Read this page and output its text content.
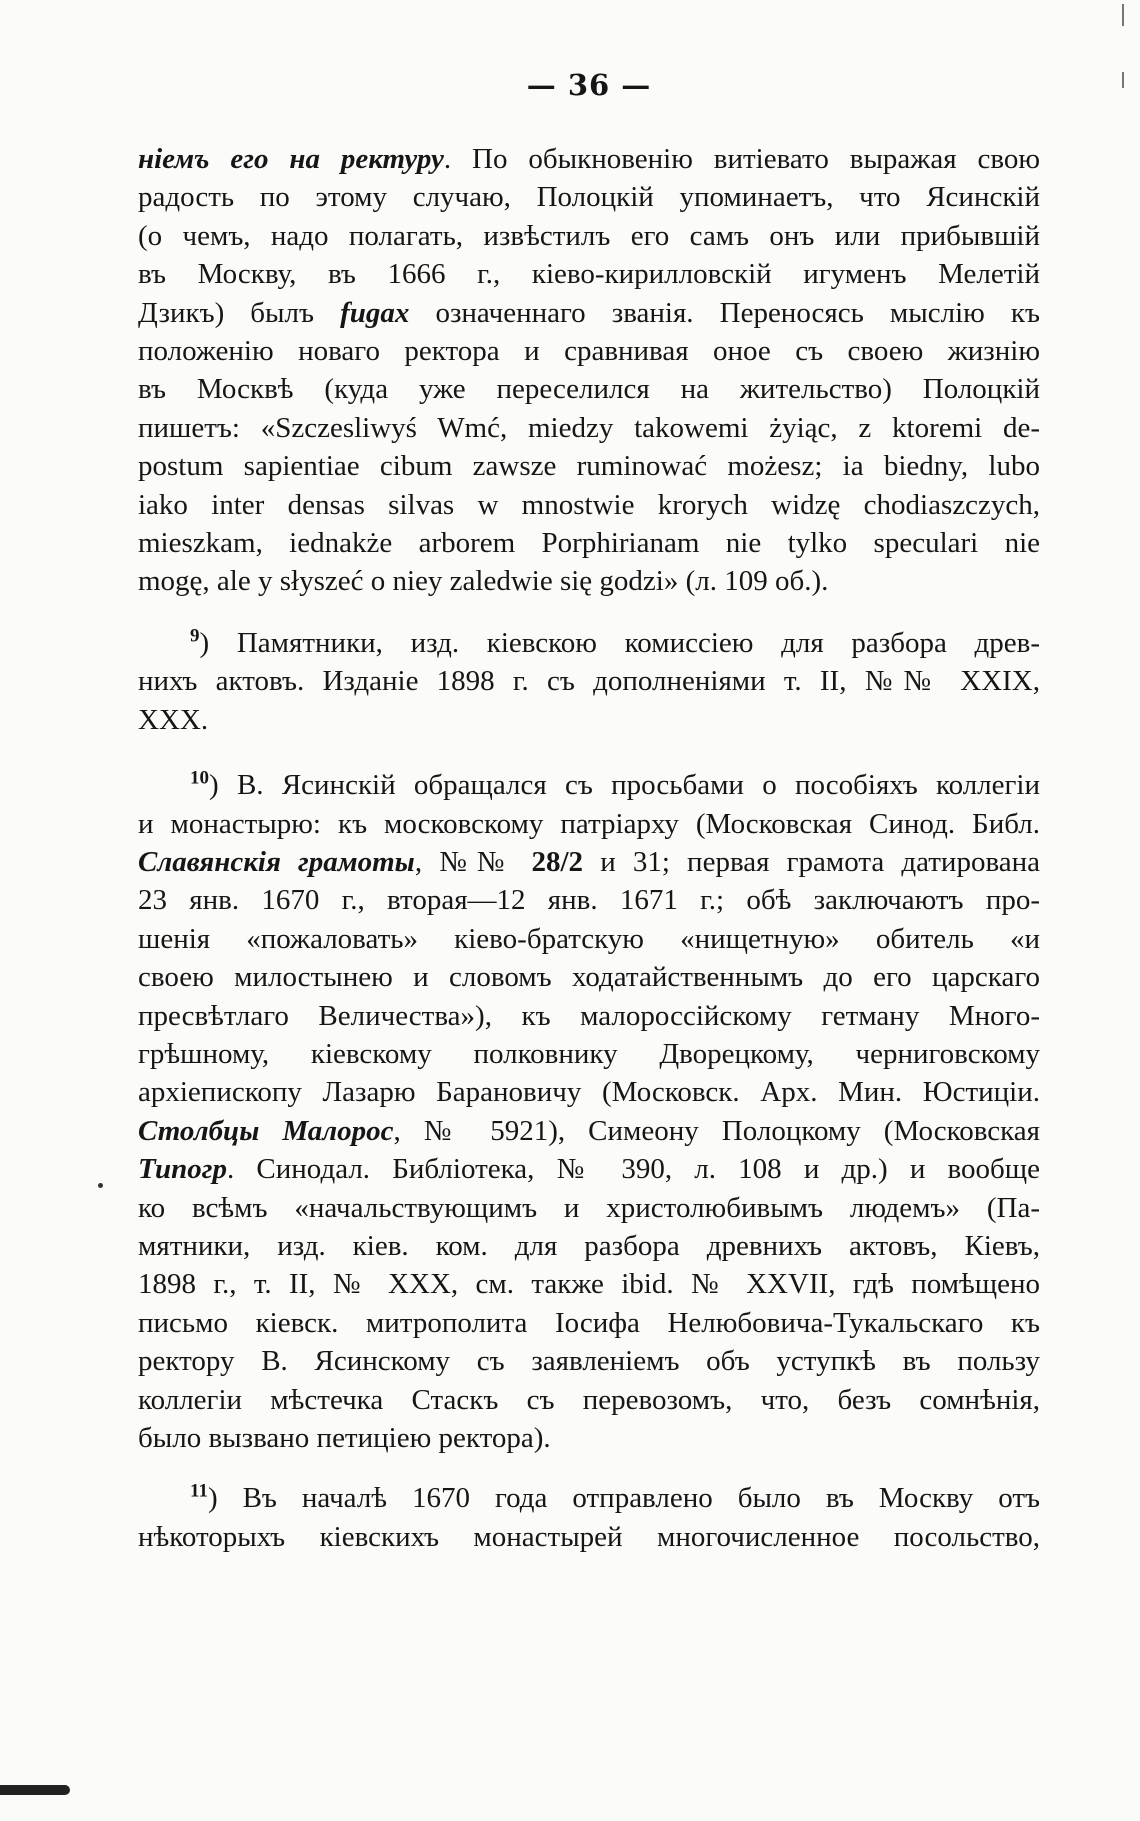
— 36 —
нiемъ его на ректуру. По обыкновенiю витiевато выражая свою
радость по этому случаю, Полоцкiй упоминаетъ, что Ясинскiй
(о чемъ, надо полагать, извѣстилъ его самъ онъ или прибывшiй
въ Москву, въ 1666 г., кiево-кирилловскiй игуменъ Мелетiй
Дзикъ) былъ fugax означеннаго званiя. Переносясь мыслiю къ
положенiю новаго ректора и сравнивая оное съ своею жизнiю
въ Москвѣ (куда уже переселился на жительство) Полоцкiй
пишетъ: «Szczesliwyś Wmć, miedzy takowemi żyiąc, z ktoremi de-
postum sapientiae cibum zawsze ruminować możesz; ia biedny, lubo
iako inter densas silvas w mnostwie krorych widzę chodiaszczych,
mieszkam, iednakże arborem Porphirianam nie tylko speculari nie
mogę, ale y słyszeć o niey zaledwie się godzi» (л. 109 об.).
$^9$) Памятники, изд. кiевскою комиссiею для разбора древ-
нихъ актовъ. Изданiе 1898 г. съ дополненiями т. II, №№ XXIX,
XXX.
$^{10}$) В. Ясинскiй обращался съ просьбами о пособiяхъ коллегiи
и монастырю: къ московскому патрiарху (Московская Синод. Библ.
Славянскiя грамоты, №№ 28/2 и 31; первая грамота датирована
23 янв. 1670 г., вторая—12 янв. 1671 г.; обѣ заключаютъ про-
шенiя «пожаловать» кiево-братскую «нищетную» обитель «и
своею милостынею и словомъ ходатайственнымъ до его царскаго
пресвѣтлаго Величества»), къ малороссiйскому гетману Много-
грѣшному, кiевскому полковнику Дворецкому, черниговскому
архiепископу Лазарю Барановичу (Московск. Арх. Мин. Юстицiи.
Столбцы Малорос, № 5921), Симеону Полоцкому (Московская
Типогр. Синодал. Библiотека, № 390, л. 108 и др.) и вообще
ко всѣмъ «начальствующимъ и христолюбивымъ людемъ» (Па-
мятники, изд. кiев. ком. для разбора древнихъ актовъ, Кiевъ,
1898 г., т. II, № XXX, см. также ibid. № XXVII, гдѣ помѣщено
письмо кiевск. митрополита Iосифа Нелюбовича-Тукальскаго къ
ректору В. Ясинскому съ заявленiемъ объ уступкѣ въ пользу
коллегiи мѣстечка Стаскъ съ перевозомъ, что, безъ сомнѣнiя,
было вызвано петицiею ректора).
$^{11}$) Въ началѣ 1670 года отправлено было въ Москву отъ
нѣкоторыхъ кiевскихъ монастырей многочисленное посольство,
